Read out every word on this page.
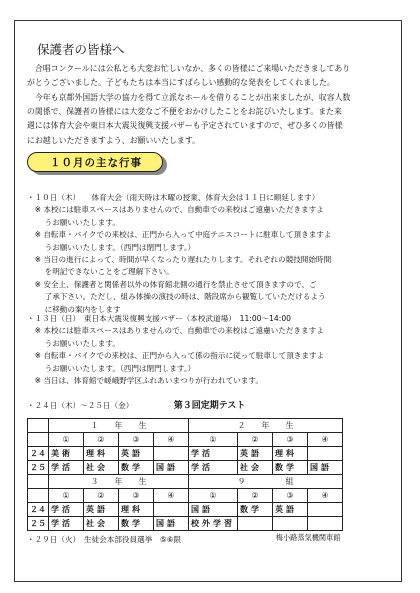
保護者の皆様へ
　合唱コンクールには公私とも大変お忙しいなか、多くの皆様にご来場いただきましてあり
がとうございました。子どもたちは本当にすばらしい感動的な発表をしてくれました。
　今年も京都外国語大学の協力を得て立派なホールを借りることが出来ましたが、収容人数
の関係で、保護者の皆様には大変なご不便をおかけしたことをお詫びいたします。また来
週には体育大会や東日本大震災復興支援バザーも予定されていますので、ぜひ多くの皆様
にお越しいただきますよう、お願いいたします。
１０月の主な行事
・１０日（木）　　体育大会（雨天時は木曜の授業、体育大会は１１日に順延します）
　※ 本校には駐車スペースはありませんので、自動車での来校はご遠慮いただきますよ
　　 うお願いいたします。
　※ 自転車・バイクでの来校は、正門から入って中庭テニスコートに駐車して頂きますよ
　　 うお願いいたします。（西門は閉門します。）
　※ 当日の進行によって、時間が早くなったり遅れたりします。それぞれの競技開始時間
　　 を明記できないことをご理解下さい。
　※ 安全上、保護者と関係者以外の体育館北側の通行を禁止させて頂きますので、ご
　　 了承下さい。ただし、組み体操の演技の時は、階段席から観覧していただけるよう
　　 に移動の案内をします
・１３日（日）　東日本大震災復興支援バザー（本校武道場）　11:00～14:00
　※ 本校には駐車スペースはありませんので、自動車での来校はご遠慮いただきますよ
　　 うお願いいたします。
　※ 自転車・バイクでの来校は、正門から入って係の指示に従って駐車して頂きますよ
　　 うお願いいたします。（西門は閉門します。）
　※ 当日は、体育館で嵯峨野学区ふれあいまつりが行われています。
・２４日（木）～２５日（金）	第３回定期テスト
	１　　年　　生				２　　年　　生			
	①	②	③	④	①	②	③	④
２４	美術	理科	英語		学活	英語	理科	
２５	学活	社会	数学	国語	学活	社会	数学	国語
	３　　年　　生				９　　　　　組			
	①	②	③	④	①	②	③	④
２４	学活	英語	理科		国語	数学	英語	
２５	学活	社会	数学	国語	校外学習			
					梅小路蒸気機関車館			
・２９日（火）　生徒会本部役員選挙　⑤⑥限
